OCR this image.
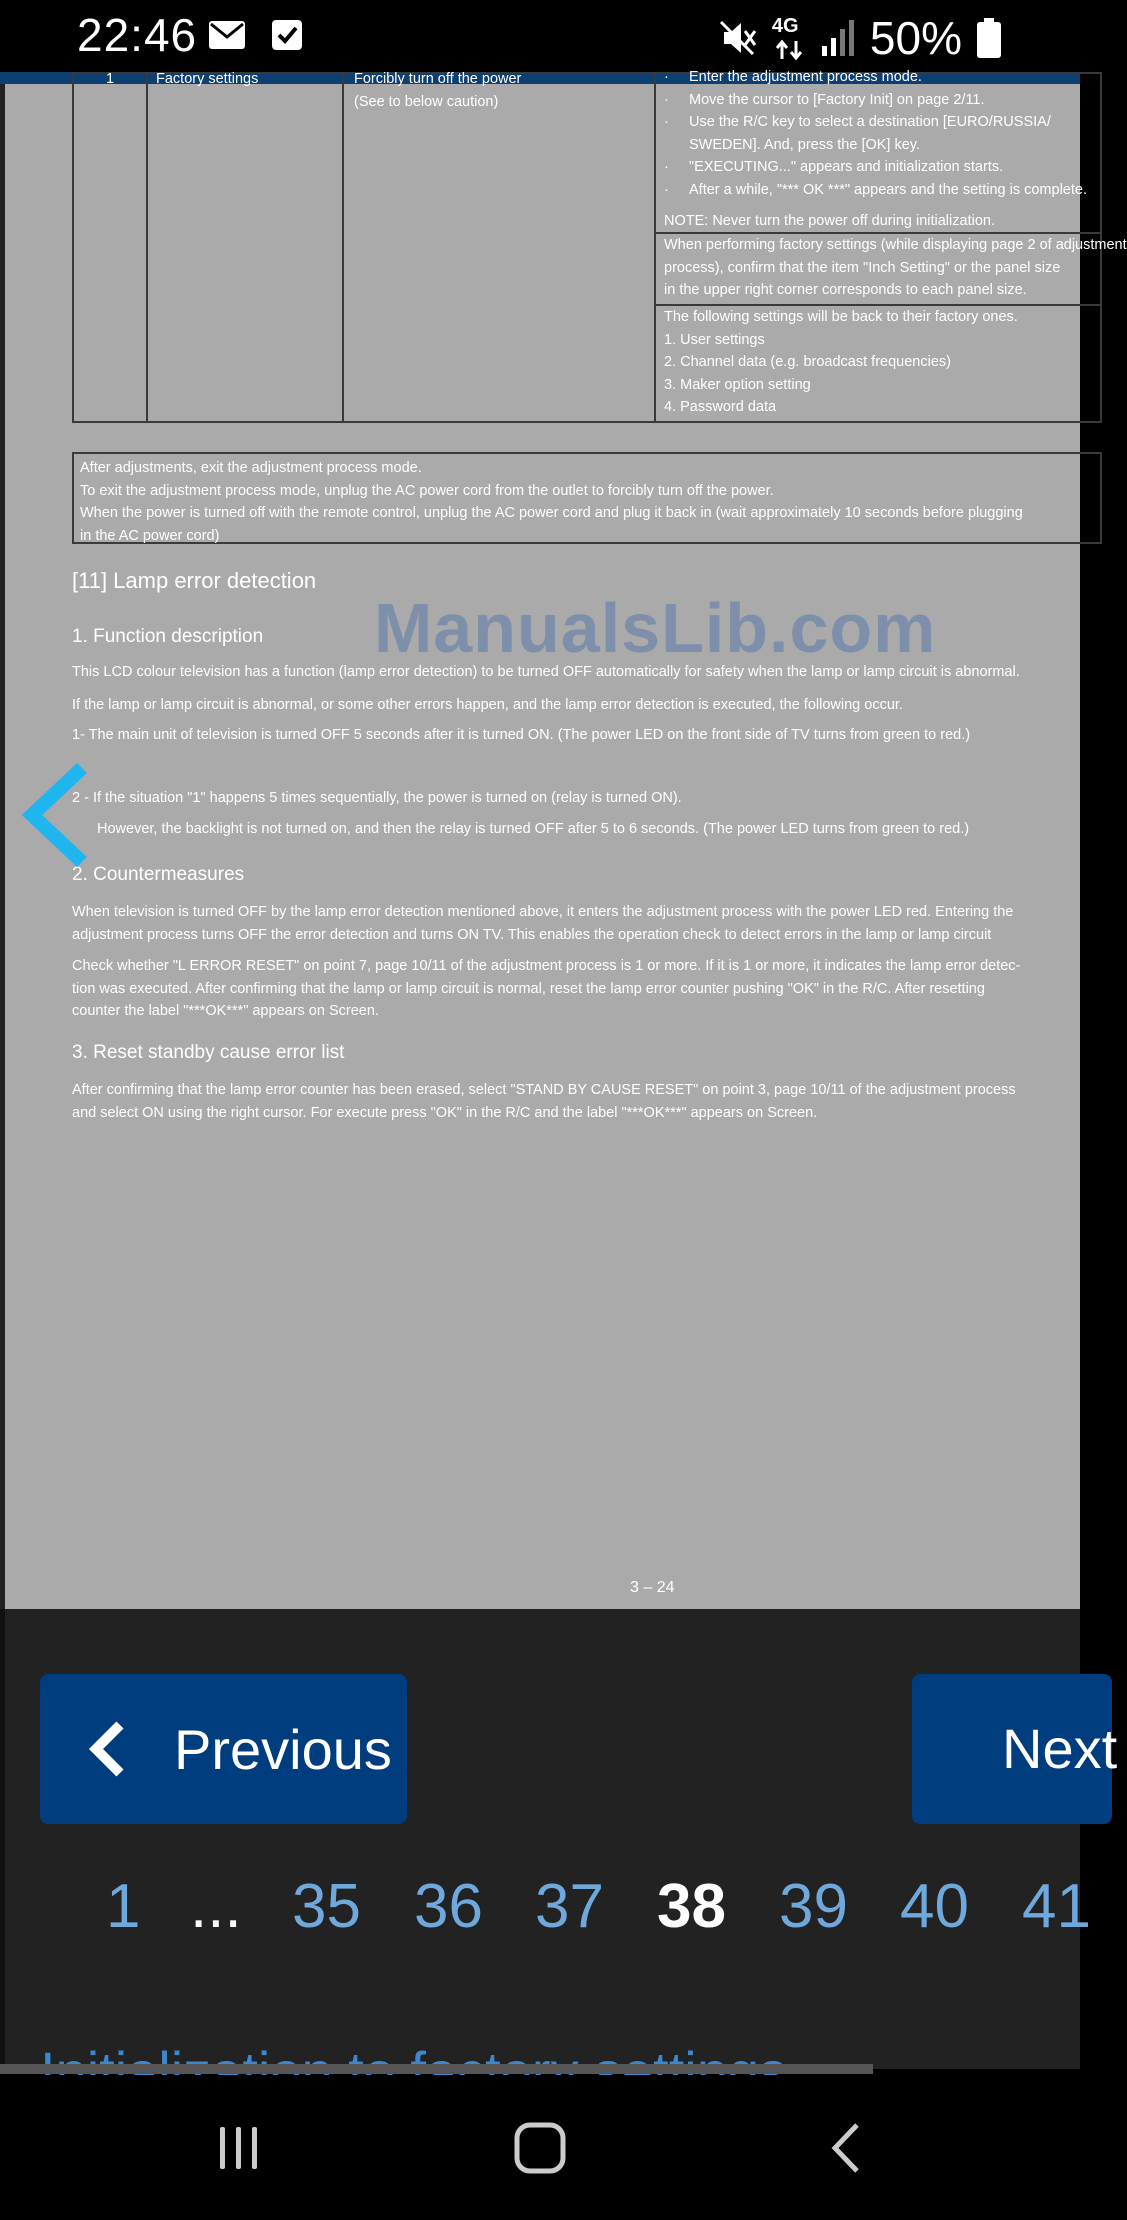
22:46	4G 50%
1	Factory settings	Forcibly turn off the power
(See to below caution)
· Enter the adjustment process mode.
· Move the cursor to [Factory Init] on page 2/11.
· Use the R/C key to select a destination [EURO/RUSSIA/
SWEDEN]. And, press the [OK] key.
· "EXECUTING..." appears and initialization starts.
· After a while, "*** OK ***" appears and the setting is complete.
NOTE: Never turn the power off during initialization.
When performing factory settings (while displaying page 2 of adjustment
process), confirm that the item "Inch Setting" or the panel size
in the upper right corner corresponds to each panel size.
The following settings will be back to their factory ones.
1. User settings
2. Channel data (e.g. broadcast frequencies)
3. Maker option setting
4. Password data
After adjustments, exit the adjustment process mode.
To exit the adjustment process mode, unplug the AC power cord from the outlet to forcibly turn off the power.
When the power is turned off with the remote control, unplug the AC power cord and plug it back in (wait approximately 10 seconds before plugging
in the AC power cord)
[11] Lamp error detection
1. Function description ManualsLib.com
This LCD colour television has a function (lamp error detection) to be turned OFF automatically for safety when the lamp or lamp circuit is abnormal.
If the lamp or lamp circuit is abnormal, or some other errors happen, and the lamp error detection is executed, the following occur.
1- The main unit of television is turned OFF 5 seconds after it is turned ON. (The power LED on the front side of TV turns from green to red.)
2 - If the situation "1" happens 5 times sequentially, the power is turned on (relay is turned ON).
However, the backlight is not turned on, and then the relay is turned OFF after 5 to 6 seconds. (The power LED turns from green to red.)
2. Countermeasures
When television is turned OFF by the lamp error detection mentioned above, it enters the adjustment process with the power LED red. Entering the
adjustment process turns OFF the error detection and turns ON TV. This enables the operation check to detect errors in the lamp or lamp circuit
Check whether "L ERROR RESET" on point 7, page 10/11 of the adjustment process is 1 or more. If it is 1 or more, it indicates the lamp error detec-
tion was executed. After confirming that the lamp or lamp circuit is normal, reset the lamp error counter pushing "OK" in the R/C. After resetting
counter the label "***OK***" appears on Screen.
3. Reset standby cause error list
After confirming that the lamp error counter has been erased, select "STAND BY CAUSE RESET" on point 3, page 10/11 of the adjustment process
and select ON using the right cursor. For execute press "OK" in the R/C and the label "***OK***" appears on Screen.
3 – 24
Previous	Next
1 ... 35 36 37 38 39 40 41
